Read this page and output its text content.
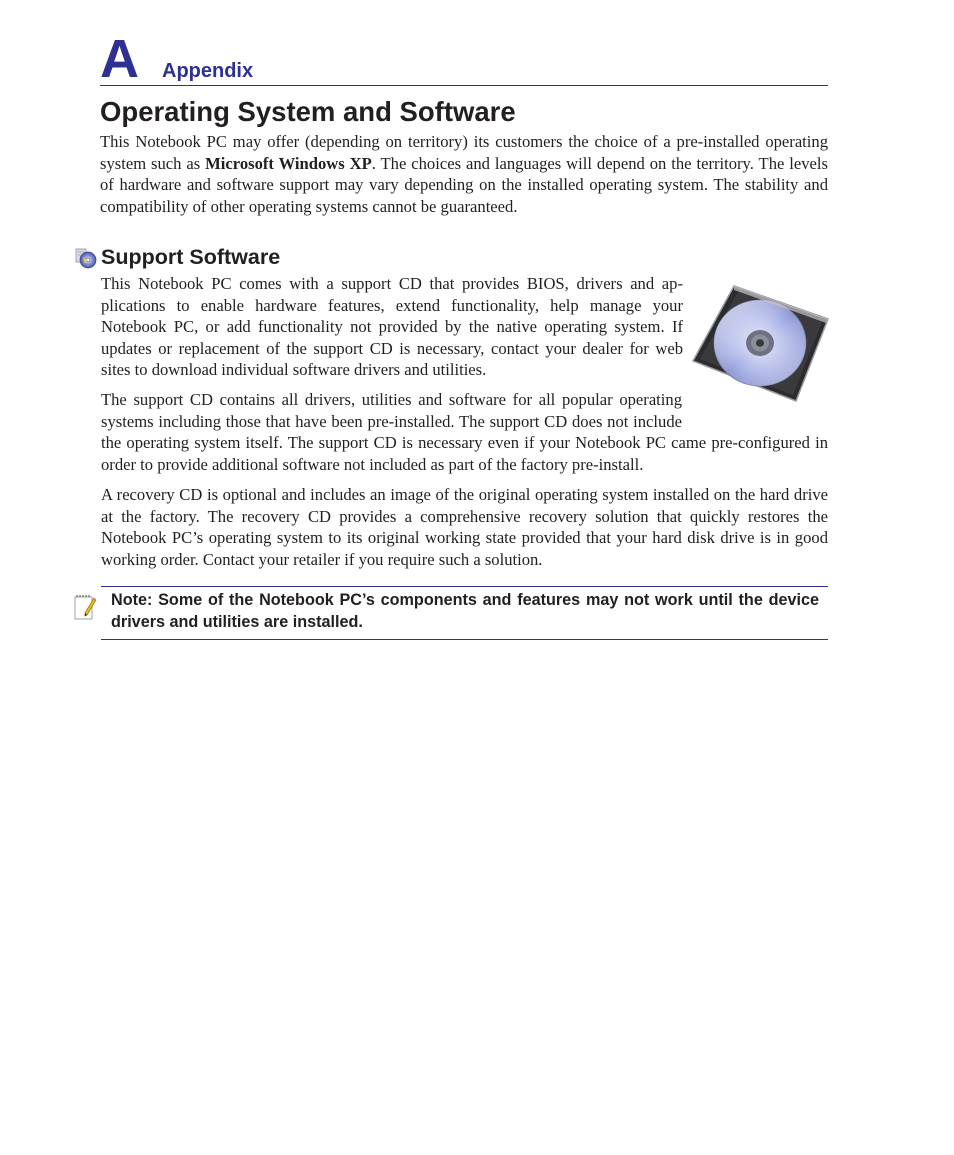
A Appendix
Operating System and Software

This Notebook PC may offer (depending on territory) its customers the choice of a pre-installed operating system such as Microsoft Windows XP. The choices and languages will depend on the territory. The levels of hardware and software support may vary depending on the installed operating system. The stability and compatibility of other operating systems cannot be guaranteed.

Support Software

This Notebook PC comes with a support CD that provides BIOS, drivers and applications to enable hardware features, extend functionality, help manage your Notebook PC, or add functionality not provided by the native operating system. If updates or replacement of the support CD is necessary, contact your dealer for web sites to download individual software drivers and utilities.

The support CD contains all drivers, utilities and software for all popular operating systems including those that have been pre-installed. The support CD does not include the operating system itself. The support CD is necessary even if your Notebook PC came pre-configured in order to provide additional software not included as part of the factory pre-install.

A recovery CD is optional and includes an image of the original operating system installed on the hard drive at the factory. The recovery CD provides a comprehensive recovery solution that quickly restores the Notebook PC’s operating system to its original working state provided that your hard disk drive is in good working order. Contact your retailer if you require such a solution.

Note: Some of the Notebook PC’s components and features may not work until the device drivers and utilities are installed.
